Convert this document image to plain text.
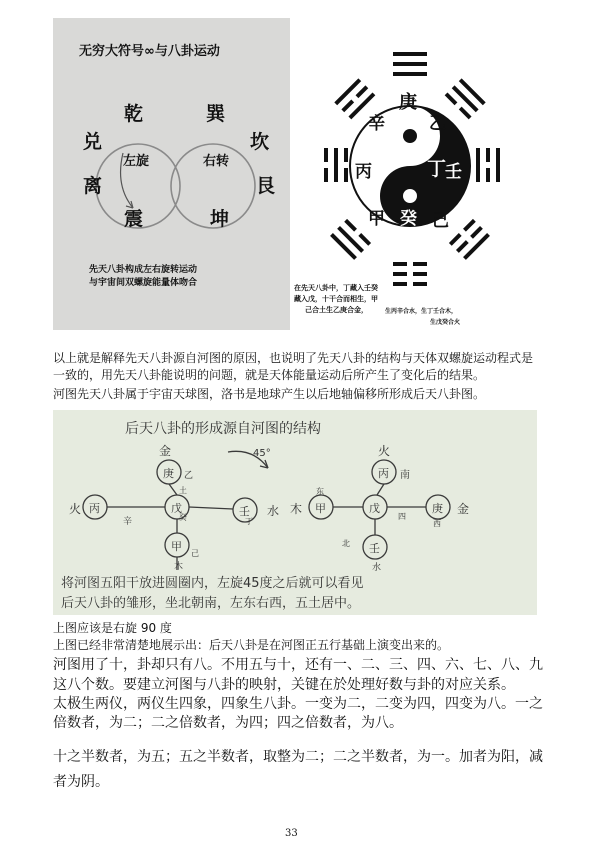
无穷大符号∞与八卦运动
乾	巽
兑	坎
离	艮
震	坤
左旋	右转
先天八卦构成左右旋转运动
与宇宙间双螺旋能量体吻合
庚
辛	乙
丙	丁
壬
甲 癸 己
戊
在先天八卦中，丁藏入壬癸
藏入戊，十干合而相生，甲
己合土生乙庚合金，	生丙辛合水，生丁壬合木，
生戊癸合火
以上就是解释先天八卦源自河图的原因，也说明了先天八卦的结构与天体双螺旋运动程式是
一致的，用先天八卦能说明的问题，就是天体能量运动后所产生了变化后的结果。
河图先天八卦属于宇宙天球图，洛书是地球产生以后地轴偏移所形成后天八卦图。
后天八卦的形成源自河图的结构
45°
金
庚 乙
土
火 丙
辛
戊
癸	壬
丁
水
甲
己
木
火
丙 南
木 甲
东
戊
四
庚 金
西
北 壬
水
将河图五阳干放进圆圈内，左旋45度之后就可以看见
后天八卦的雏形，坐北朝南，左东右西，五土居中。
上图应该是右旋 90 度
上图已经非常清楚地展示出：后天八卦是在河图正五行基础上演变出来的。
河图用了十，卦却只有八。不用五与十，还有一、二、三、四、六、七、八、九
这八个数。要建立河图与八卦的映射，关键在於处理好数与卦的对应关系。
太极生两仪，两仪生四象，四象生八卦。一变为二，二变为四，四变为八。一之
倍数者，为二；二之倍数者，为四；四之倍数者，为八。
十之半数者，为五；五之半数者，取整为二；二之半数者，为一。加者为阳，减
者为阴。
33
